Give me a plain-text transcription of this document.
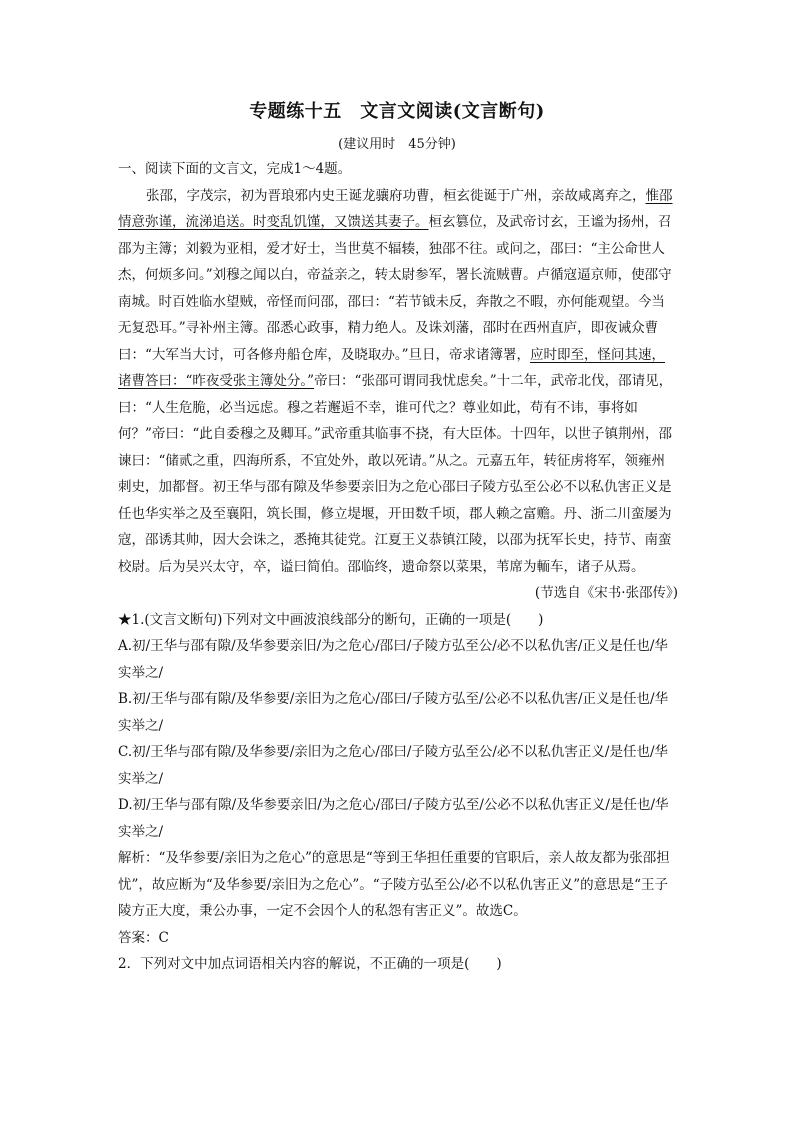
专题练十五　文言文阅读(文言断句)
(建议用时　45分钟)

一、阅读下面的文言文，完成1～4题。

张邵，字茂宗，初为晋琅邪内史王诞龙骧府功曹，桓玄徙诞于广州，亲故咸离弃之，惟邵情意弥谨，流涕追送。时变乱饥馑，又馈送其妻子。桓玄篡位，及武帝讨玄，王谧为扬州，召邵为主簿；刘毅为亚相，爱才好士，当世莫不辐辏，独邵不往。或问之，邵曰：“主公命世人杰，何烦多问。”刘穆之闻以白，帝益亲之，转太尉参军，署长流贼曹。卢循寇逼京师，使邵守南城。时百姓临水望贼，帝怪而问邵，邵曰：“若节钺未反，奔散之不暇，亦何能观望。今当无复恐耳。”寻补州主簿。邵悉心政事，精力绝人。及诛刘藩，邵时在西州直庐，即夜诫众曹曰：“大军当大讨，可各修舟船仓库，及晓取办。”旦日，帝求诸簿署，应时即至，怪问其速，诸曹答曰：“昨夜受张主簿处分。”帝曰：“张邵可谓同我忧虑矣。”十二年，武帝北伐，邵请见，曰：“人生危脆，必当远虑。穆之若邂逅不幸，谁可代之？尊业如此，苟有不讳，事将如何？”帝曰：“此自委穆之及卿耳。”武帝重其临事不挠，有大臣体。十四年，以世子镇荆州，邵谏曰：“储贰之重，四海所系，不宜处外，敢以死请。”从之。元嘉五年，转征虏将军，领雍州刺史，加都督。初王华与邵有隙及华参要亲旧为之危心邵曰子陵方弘至公必不以私仇害正义是任也华实举之及至襄阳，筑长围，修立堤堰，开田数千顷，郡人赖之富赡。丹、浙二川蛮屡为寇，邵诱其帅，因大会诛之，悉掩其徒党。江夏王义恭镇江陵，以邵为抚军长史，持节、南蛮校尉。后为吴兴太守，卒，谥曰简伯。邵临终，遗命祭以菜果，苇席为輀车，诸子从焉。

(节选自《宋书·张邵传》)

★1.(文言文断句)下列对文中画波浪线部分的断句，正确的一项是(　　)

A.初/王华与邵有隙/及华参要亲旧/为之危心/邵曰/子陵方弘至公/必不以私仇害/正义是任也/华实举之/

B.初/王华与邵有隙/及华参要/亲旧为之危心/邵曰/子陵方弘至/公必不以私仇害/正义是任也/华实举之/

C.初/王华与邵有隙/及华参要/亲旧为之危心/邵曰/子陵方弘至公/必不以私仇害正义/是任也/华实举之/

D.初/王华与邵有隙/及华参要亲旧/为之危心/邵曰/子陵方弘至/公必不以私仇害正义/是任也/华实举之/

解析：“及华参要/亲旧为之危心”的意思是“等到王华担任重要的官职后，亲人故友都为张邵担忧”，故应断为“及华参要/亲旧为之危心”。“子陵方弘至公/必不以私仇害正义”的意思是“王子陵方正大度，秉公办事，一定不会因个人的私怨有害正义”。故选C。

答案：C

2．下列对文中加点词语相关内容的解说，不正确的一项是(　　)
